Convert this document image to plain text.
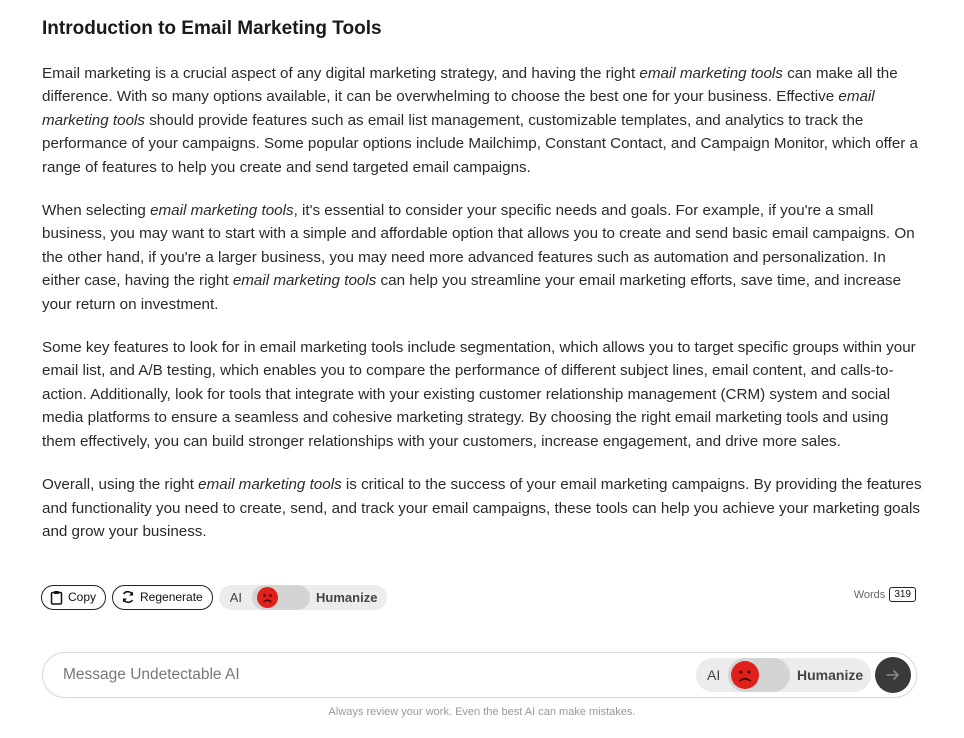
Introduction to Email Marketing Tools

Email marketing is a crucial aspect of any digital marketing strategy, and having the right email marketing tools can make all the difference. With so many options available, it can be overwhelming to choose the best one for your business. Effective email marketing tools should provide features such as email list management, customizable templates, and analytics to track the performance of your campaigns. Some popular options include Mailchimp, Constant Contact, and Campaign Monitor, which offer a range of features to help you create and send targeted email campaigns.

When selecting email marketing tools, it's essential to consider your specific needs and goals. For example, if you're a small business, you may want to start with a simple and affordable option that allows you to create and send basic email campaigns. On the other hand, if you're a larger business, you may need more advanced features such as automation and personalization. In either case, having the right email marketing tools can help you streamline your email marketing efforts, save time, and increase your return on investment.

Some key features to look for in email marketing tools include segmentation, which allows you to target specific groups within your email list, and A/B testing, which enables you to compare the performance of different subject lines, email content, and calls-to-action. Additionally, look for tools that integrate with your existing customer relationship management (CRM) system and social media platforms to ensure a seamless and cohesive marketing strategy. By choosing the right email marketing tools and using them effectively, you can build stronger relationships with your customers, increase engagement, and drive more sales.

Overall, using the right email marketing tools is critical to the success of your email marketing campaigns. By providing the features and functionality you need to create, send, and track your email campaigns, these tools can help you achieve your marketing goals and grow your business.

Copy	Regenerate	AI	Humanize	Words 319
Message Undetectable AI
AI	Humanize
Always review your work. Even the best AI can make mistakes.
